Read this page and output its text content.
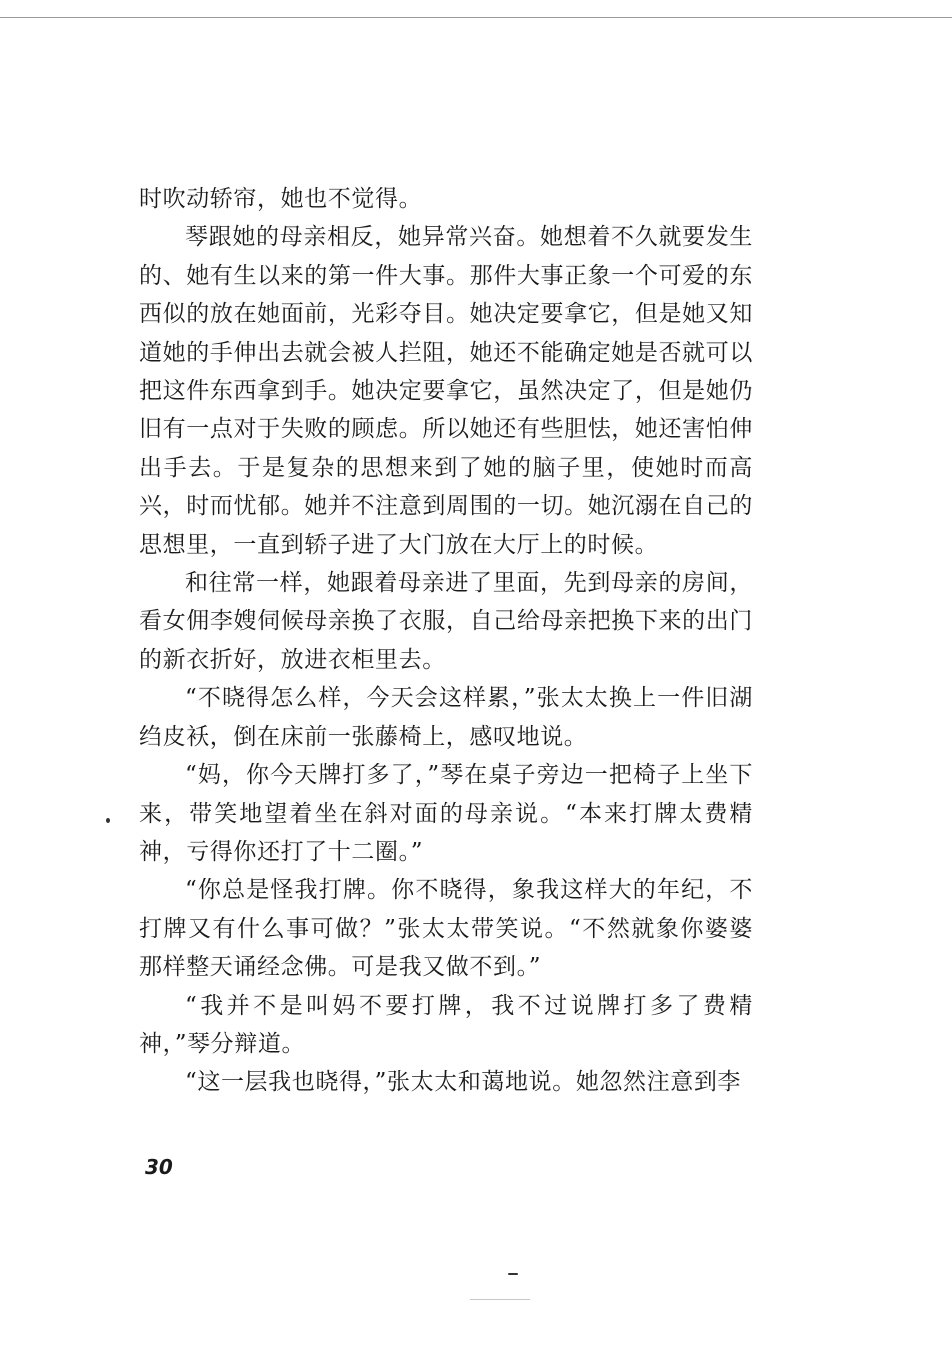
时吹动轿帘，她也不觉得。

琴跟她的母亲相反，她异常兴奋。她想着不久就要发生的、她有生以来的第一件大事。那件大事正象一个可爱的东西似的放在她面前，光彩夺目。她决定要拿它，但是她又知道她的手伸出去就会被人拦阻，她还不能确定她是否就可以把这件东西拿到手。她决定要拿它，虽然决定了，但是她仍旧有一点对于失败的顾虑。所以她还有些胆怯，她还害怕伸出手去。于是复杂的思想来到了她的脑子里，使她时而高兴，时而忧郁。她并不注意到周围的一切。她沉溺在自己的思想里，一直到轿子进了大门放在大厅上的时候。

和往常一样，她跟着母亲进了里面，先到母亲的房间，看女佣李嫂伺候母亲换了衣服，自己给母亲把换下来的出门的新衣折好，放进衣柜里去。

“不晓得怎么样，今天会这样累，”张太太换上一件旧湖绉皮袄，倒在床前一张藤椅上，感叹地说。

“妈，你今天牌打多了，”琴在桌子旁边一把椅子上坐下来，带笑地望着坐在斜对面的母亲说。“本来打牌太费精神，亏得你还打了十二圈。”

“你总是怪我打牌。你不晓得，象我这样大的年纪，不打牌又有什么事可做？”张太太带笑说。“不然就象你婆婆那样整天诵经念佛。可是我又做不到。”

“我并不是叫妈不要打牌，我不过说牌打多了费精神，”琴分辩道。

“这一层我也晓得，”张太太和蔼地说。她忽然注意到李

30
